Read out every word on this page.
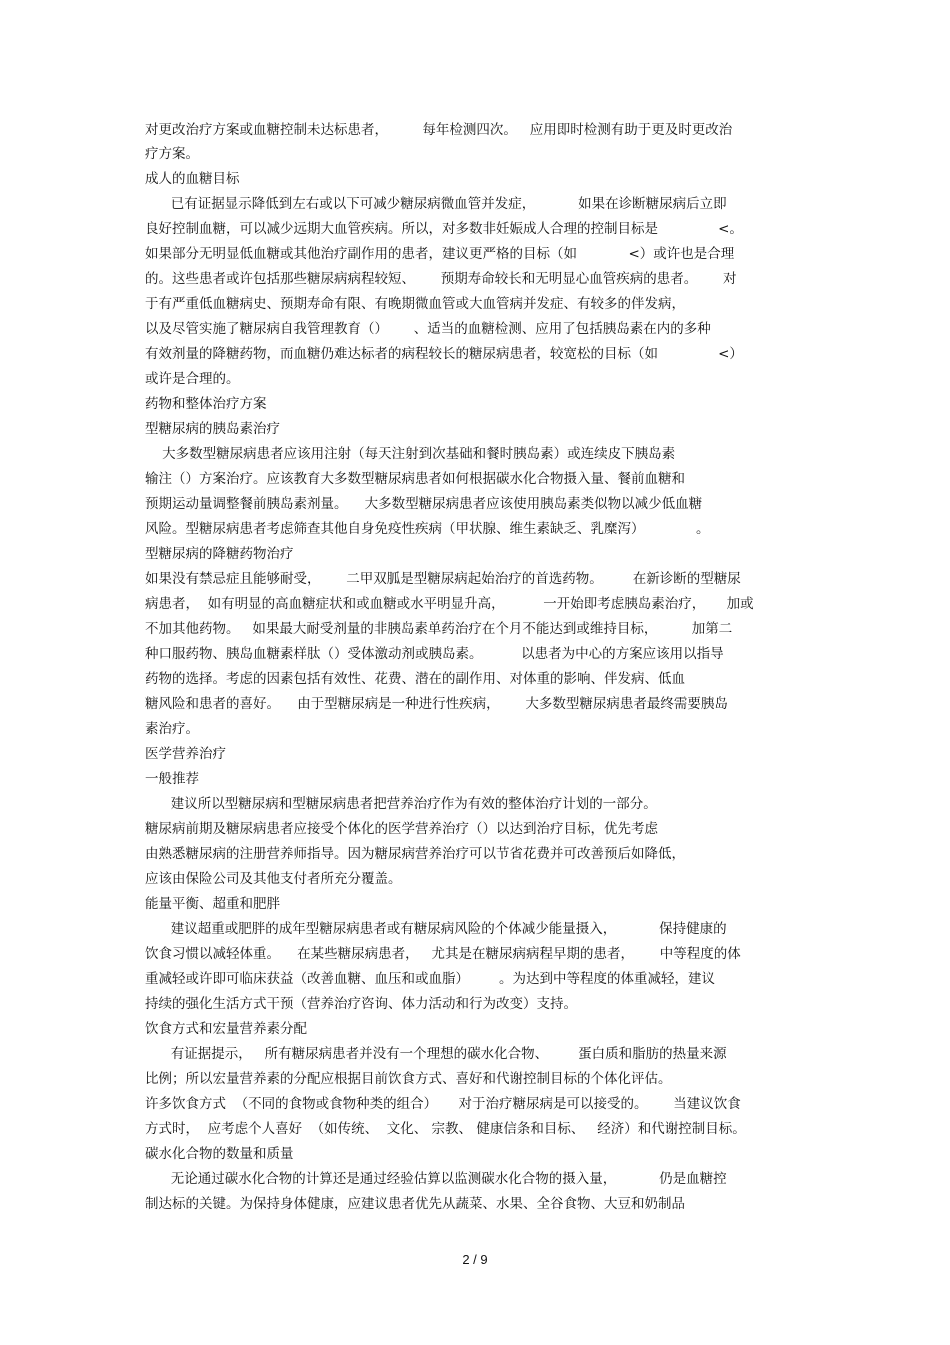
对更改治疗方案或血糖控制未达标患者，        每年检测四次。   应用即时检测有助于更及时更改治
疗方案。
成人的血糖目标
已有证据显示降低到左右或以下可减少糖尿病微血管并发症，          如果在诊断糖尿病后立即
良好控制血糖，可以减少远期大血管疾病。所以，对多数非妊娠成人合理的控制目标是              <。
如果部分无明显低血糖或其他治疗副作用的患者，建议更严格的目标（如            <）或许也是合理
的。这些患者或许包括那些糖尿病病程较短、      预期寿命较长和无明显心血管疾病的患者。      对
于有严重低血糖病史、预期寿命有限、有晚期微血管或大血管病并发症、有较多的伴发病，
以及尽管实施了糖尿病自我管理教育（）      、适当的血糖检测、应用了包括胰岛素在内的多种
有效剂量的降糖药物，而血糖仍难达标者的病程较长的糖尿病患者，较宽松的目标（如              <）
或许是合理的。
药物和整体治疗方案
型糖尿病的胰岛素治疗
大多数型糖尿病患者应该用注射（每天注射到次基础和餐时胰岛素）或连续皮下胰岛素
输注（）方案治疗。应该教育大多数型糖尿病患者如何根据碳水化合物摄入量、餐前血糖和
预期运动量调整餐前胰岛素剂量。    大多数型糖尿病患者应该使用胰岛素类似物以减少低血糖
风险。型糖尿病患者考虑筛查其他自身免疫性疾病（甲状腺、维生素缺乏、乳糜泻）            。
型糖尿病的降糖药物治疗
如果没有禁忌症且能够耐受，      二甲双胍是型糖尿病起始治疗的首选药物。       在新诊断的型糖尿
病患者，  如有明显的高血糖症状和或血糖或水平明显升高，         一开始即考虑胰岛素治疗，     加或
不加其他药物。   如果最大耐受剂量的非胰岛素单药治疗在个月不能达到或维持目标，        加第二
种口服药物、胰岛血糖素样肽（）受体激动剂或胰岛素。         以患者为中心的方案应该用以指导
药物的选择。考虑的因素包括有效性、花费、潜在的副作用、对体重的影响、伴发病、低血
糖风险和患者的喜好。    由于型糖尿病是一种进行性疾病，      大多数型糖尿病患者最终需要胰岛
素治疗。
医学营养治疗
一般推荐
建议所以型糖尿病和型糖尿病患者把营养治疗作为有效的整体治疗计划的一部分。
糖尿病前期及糖尿病患者应接受个体化的医学营养治疗（）以达到治疗目标，优先考虑
由熟悉糖尿病的注册营养师指导。因为糖尿病营养治疗可以节省花费并可改善预后如降低，
应该由保险公司及其他支付者所充分覆盖。
能量平衡、超重和肥胖
建议超重或肥胖的成年型糖尿病患者或有糖尿病风险的个体减少能量摄入，          保持健康的
饮食习惯以减轻体重。    在某些糖尿病患者，   尤其是在糖尿病病程早期的患者，      中等程度的体
重减轻或许即可临床获益（改善血糖、血压和或血脂）       。为达到中等程度的体重减轻，建议
持续的强化生活方式干预（营养治疗咨询、体力活动和行为改变）支持。
饮食方式和宏量营养素分配
有证据提示，   所有糖尿病患者并没有一个理想的碳水化合物、       蛋白质和脂肪的热量来源
比例；所以宏量营养素的分配应根据目前饮食方式、喜好和代谢控制目标的个体化评估。
许多饮食方式  （不同的食物或食物种类的组合）     对于治疗糖尿病是可以接受的。      当建议饮食
方式时，  应考虑个人喜好  （如传统、  文化、 宗教、 健康信条和目标、   经济）和代谢控制目标。
碳水化合物的数量和质量
无论通过碳水化合物的计算还是通过经验估算以监测碳水化合物的摄入量，          仍是血糖控
制达标的关键。为保持身体健康，应建议患者优先从蔬菜、水果、全谷食物、大豆和奶制品
2 / 9
